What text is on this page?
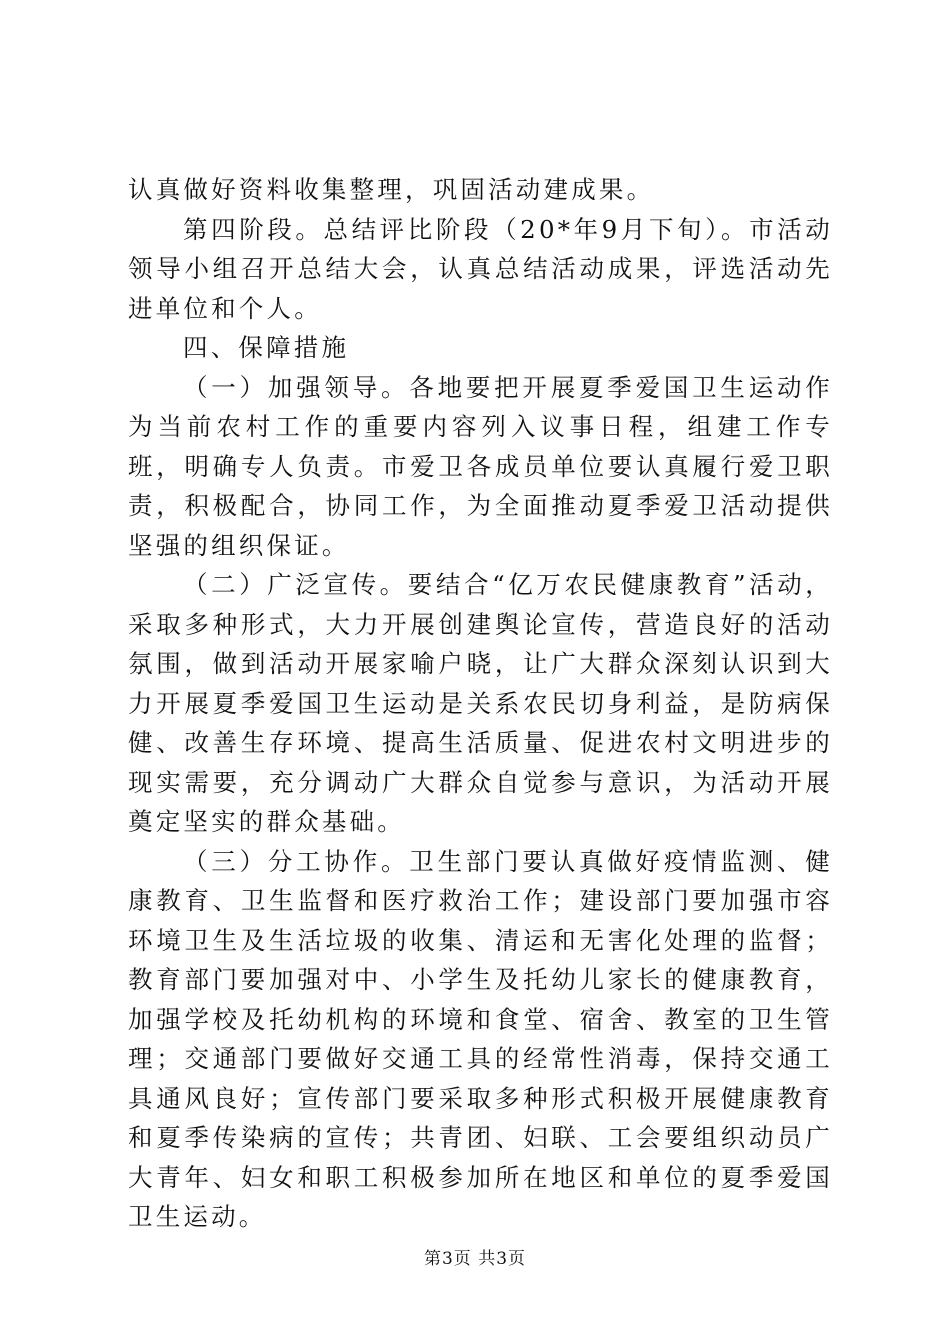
认真做好资料收集整理，巩固活动建成果。

第四阶段。总结评比阶段（20*年9月下旬）。市活动领导小组召开总结大会，认真总结活动成果，评选活动先进单位和个人。

四、保障措施

（一）加强领导。各地要把开展夏季爱国卫生运动作为当前农村工作的重要内容列入议事日程，组建工作专班，明确专人负责。市爱卫各成员单位要认真履行爱卫职责，积极配合，协同工作，为全面推动夏季爱卫活动提供坚强的组织保证。

（二）广泛宣传。要结合“亿万农民健康教育”活动，采取多种形式，大力开展创建舆论宣传，营造良好的活动氛围，做到活动开展家喻户晓，让广大群众深刻认识到大力开展夏季爱国卫生运动是关系农民切身利益，是防病保健、改善生存环境、提高生活质量、促进农村文明进步的现实需要，充分调动广大群众自觉参与意识，为活动开展奠定坚实的群众基础。

（三）分工协作。卫生部门要认真做好疫情监测、健康教育、卫生监督和医疗救治工作；建设部门要加强市容环境卫生及生活垃圾的收集、清运和无害化处理的监督；教育部门要加强对中、小学生及托幼儿家长的健康教育，加强学校及托幼机构的环境和食堂、宿舍、教室的卫生管理；交通部门要做好交通工具的经常性消毒，保持交通工具通风良好；宣传部门要采取多种形式积极开展健康教育和夏季传染病的宣传；共青团、妇联、工会要组织动员广大青年、妇女和职工积极参加所在地区和单位的夏季爱国卫生运动。

第3页 共3页
